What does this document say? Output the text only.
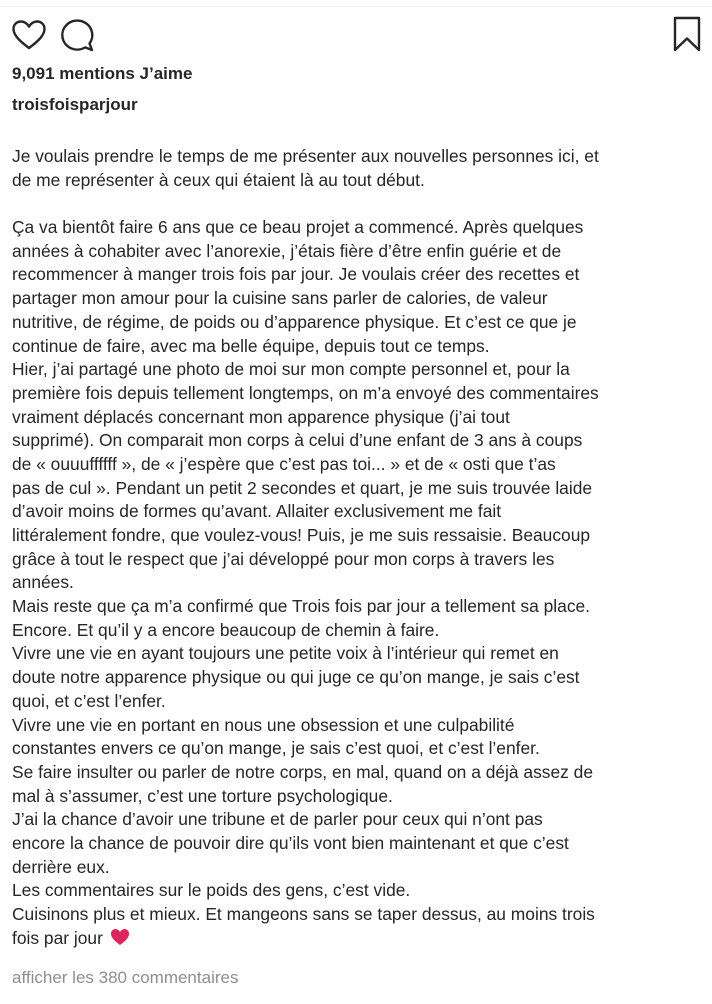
9,091 mentions J’aime
troisfoisparjour
Je voulais prendre le temps de me présenter aux nouvelles personnes ici, et
de me représenter à ceux qui étaient là au tout début.
Ça va bientôt faire 6 ans que ce beau projet a commencé. Après quelques
années à cohabiter avec l’anorexie, j’étais fière d’être enfin guérie et de
recommencer à manger trois fois par jour. Je voulais créer des recettes et
partager mon amour pour la cuisine sans parler de calories, de valeur
nutritive, de régime, de poids ou d’apparence physique. Et c’est ce que je
continue de faire, avec ma belle équipe, depuis tout ce temps.
Hier, j’ai partagé une photo de moi sur mon compte personnel et, pour la
première fois depuis tellement longtemps, on m’a envoyé des commentaires
vraiment déplacés concernant mon apparence physique (j’ai tout
supprimé). On comparait mon corps à celui d’une enfant de 3 ans à coups
de « ouuuffffff », de « j’espère que c’est pas toi... » et de « osti que t’as
pas de cul ». Pendant un petit 2 secondes et quart, je me suis trouvée laide
d’avoir moins de formes qu’avant. Allaiter exclusivement me fait
littéralement fondre, que voulez-vous! Puis, je me suis ressaisie. Beaucoup
grâce à tout le respect que j’ai développé pour mon corps à travers les
années.
Mais reste que ça m’a confirmé que Trois fois par jour a tellement sa place.
Encore. Et qu’il y a encore beaucoup de chemin à faire.
Vivre une vie en ayant toujours une petite voix à l’intérieur qui remet en
doute notre apparence physique ou qui juge ce qu’on mange, je sais c’est
quoi, et c’est l’enfer.
Vivre une vie en portant en nous une obsession et une culpabilité
constantes envers ce qu’on mange, je sais c’est quoi, et c’est l’enfer.
Se faire insulter ou parler de notre corps, en mal, quand on a déjà assez de
mal à s’assumer, c’est une torture psychologique.
J’ai la chance d’avoir une tribune et de parler pour ceux qui n’ont pas
encore la chance de pouvoir dire qu’ils vont bien maintenant et que c’est
derrière eux.
Les commentaires sur le poids des gens, c’est vide.
Cuisinons plus et mieux. Et mangeons sans se taper dessus, au moins trois
fois par jour
afficher les 380 commentaires
